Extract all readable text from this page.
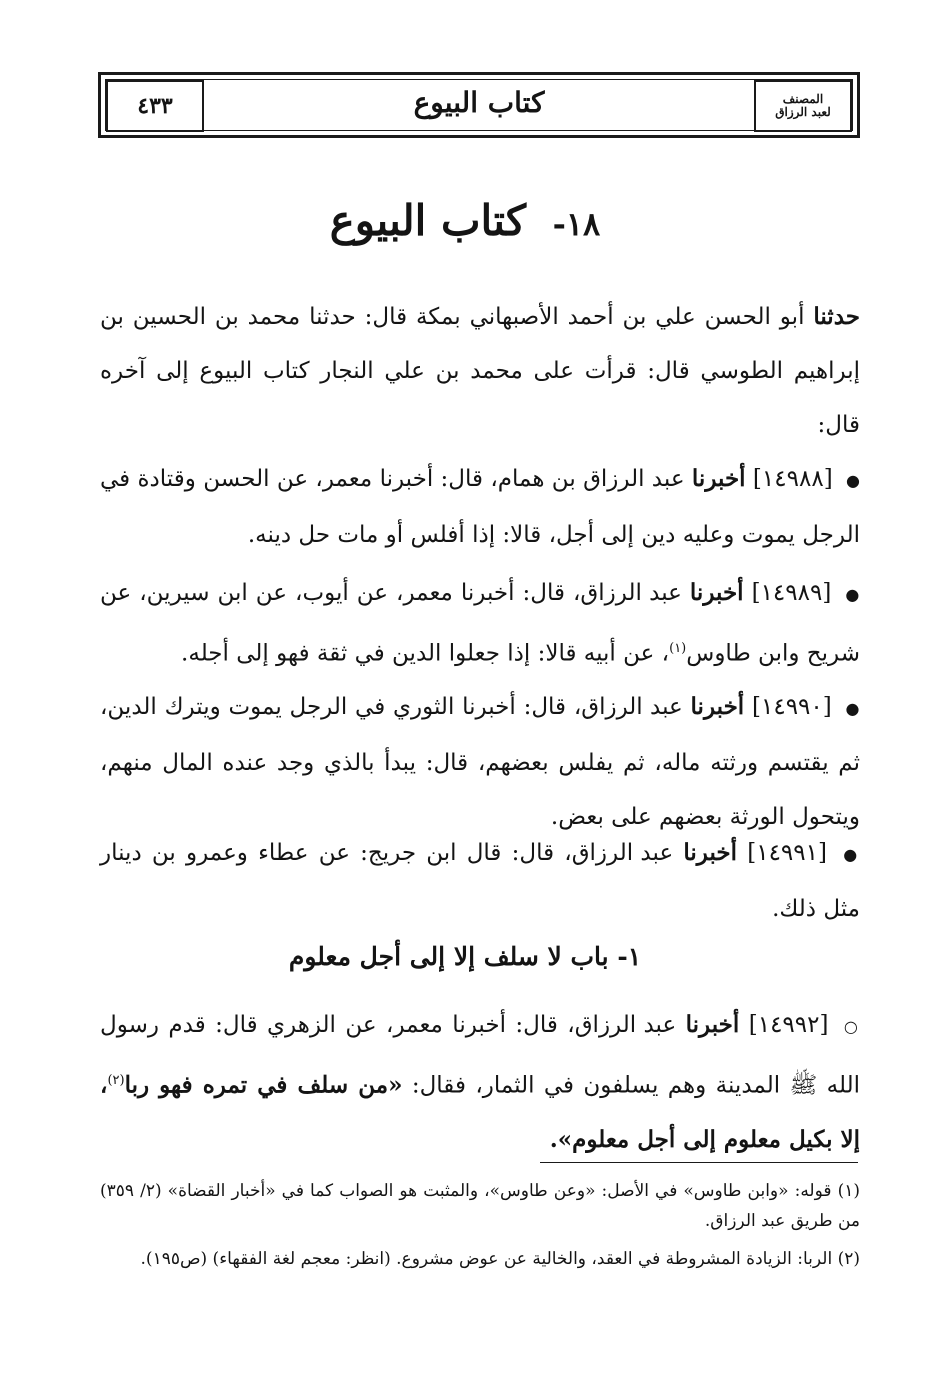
المصنف
لعبد الرزاق
كتاب البيوع
٤٣٣
١٨- كتاب البيوع
حدثنا أبو الحسن علي بن أحمد الأصبهاني بمكة قال: حدثنا محمد بن الحسين بن إبراهيم الطوسي قال: قرأت على محمد بن علي النجار كتاب البيوع إلى آخره قال:
● [١٤٩٨٨] أخبرنا عبد الرزاق بن همام، قال: أخبرنا معمر، عن الحسن وقتادة في الرجل يموت وعليه دين إلى أجل، قالا: إذا أفلس أو مات حل دينه.
● [١٤٩٨٩] أخبرنا عبد الرزاق، قال: أخبرنا معمر، عن أيوب، عن ابن سيرين، عن شريح وابن طاوس$^{(١)}$، عن أبيه قالا: إذا جعلوا الدين في ثقة فهو إلى أجله.
● [١٤٩٩٠] أخبرنا عبد الرزاق، قال: أخبرنا الثوري في الرجل يموت ويترك الدين، ثم يقتسم ورثته ماله، ثم يفلس بعضهم، قال: يبدأ بالذي وجد عنده المال منهم، ويتحول الورثة بعضهم على بعض.
● [١٤٩٩١] أخبرنا عبد الرزاق، قال: قال ابن جريج: عن عطاء وعمرو بن دينار مثل ذلك.
١- باب لا سلف إلا إلى أجل معلوم
○ [١٤٩٩٢] أخبرنا عبد الرزاق، قال: أخبرنا معمر، عن الزهري قال: قدم رسول الله ﷺ المدينة وهم يسلفون في الثمار، فقال: «من سلف في تمره فهو ربا$^{(٢)}$، إلا بكيل معلوم إلى أجل معلوم».
(١) قوله: «وابن طاوس» في الأصل: «وعن طاوس»، والمثبت هو الصواب كما في «أخبار القضاة» (٢/ ٣٥٩) من طريق عبد الرزاق.
(٢) الربا: الزيادة المشروطة في العقد، والخالية عن عوض مشروع. (انظر: معجم لغة الفقهاء) (ص١٩٥).
